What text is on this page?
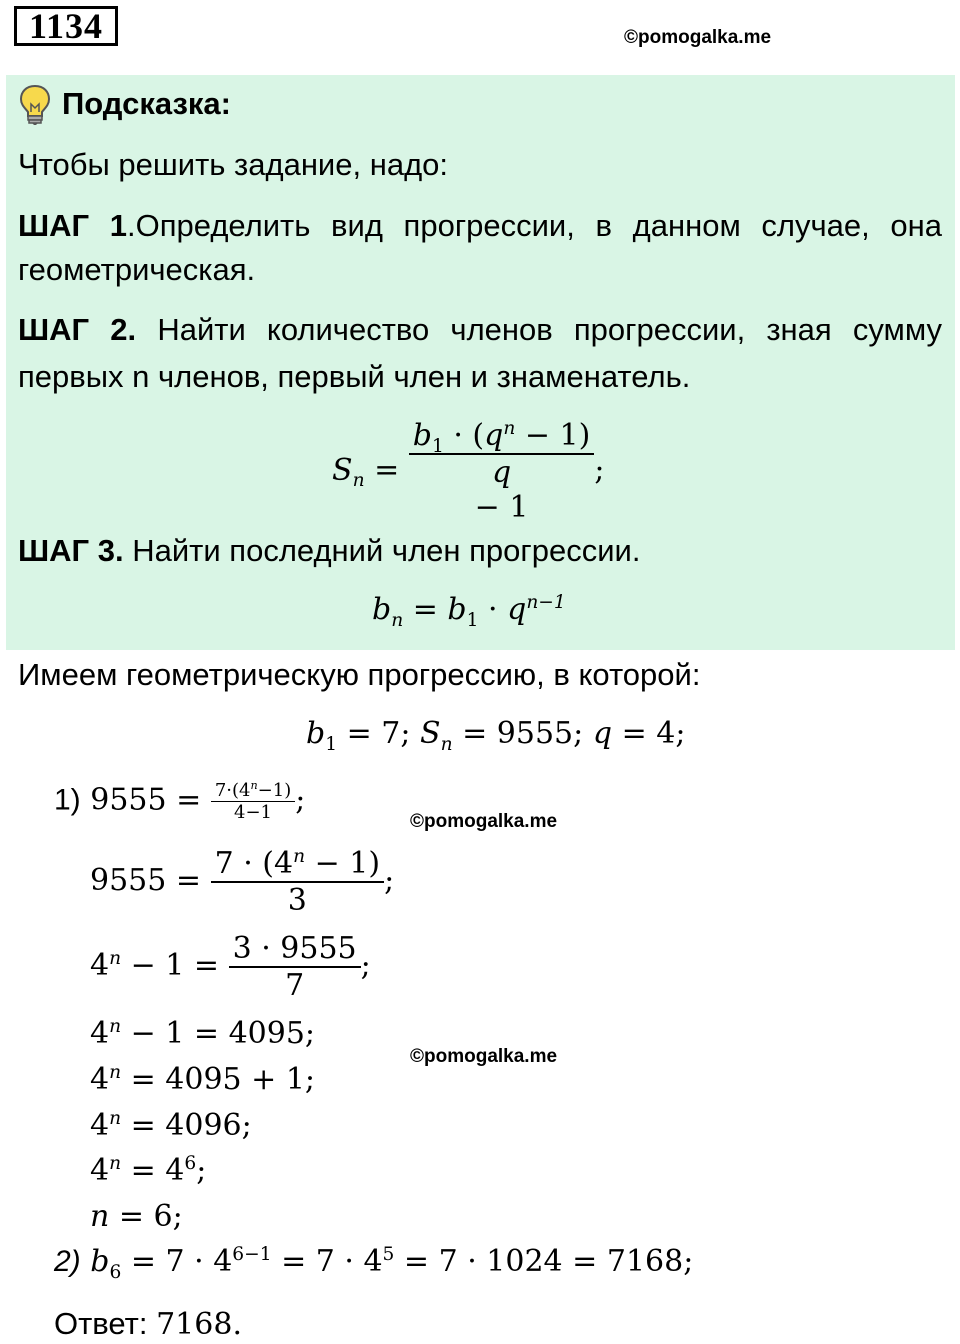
1134	©pomogalka.me
Подсказка:
Чтобы решить задание, надо:
ШАГ 1.Определить вид прогрессии, в данном случае, она
геометрическая.
ШАГ 2. Найти количество членов прогрессии, зная сумму
первых n членов, первый член и знаменатель.
$S_n$ =
$b_1 \cdot (q^n - 1)$
q
− 1;
ШАГ 3. Найти последний член прогрессии.
$b_n = b_1 \cdot q^{n-1}$
Имеем геометрическую прогрессию, в которой:
$b_1 = 7$; $S_n = 9555$; q = 4;
1) $9555 = \frac{7\cdot(4^n-1)}{4-1}$ ;
©pomogalka.me
$9555 = \frac{7 \cdot (4^n - 1)}{3}$ ;
$4^n - 1 = \frac{3 \cdot 9555}{7}$ ;
$4^n - 1 = 4095$;
©pomogalka.me
$4^n = 4095 + 1$;
$4^n = 4096$;
$4^n = 4^6$;
n = 6;
2) $b_6 = 7 \cdot 4^{6-1} = 7 \cdot 4^5 = 7 \cdot 1024 = 7168$;
Ответ: 7168.
